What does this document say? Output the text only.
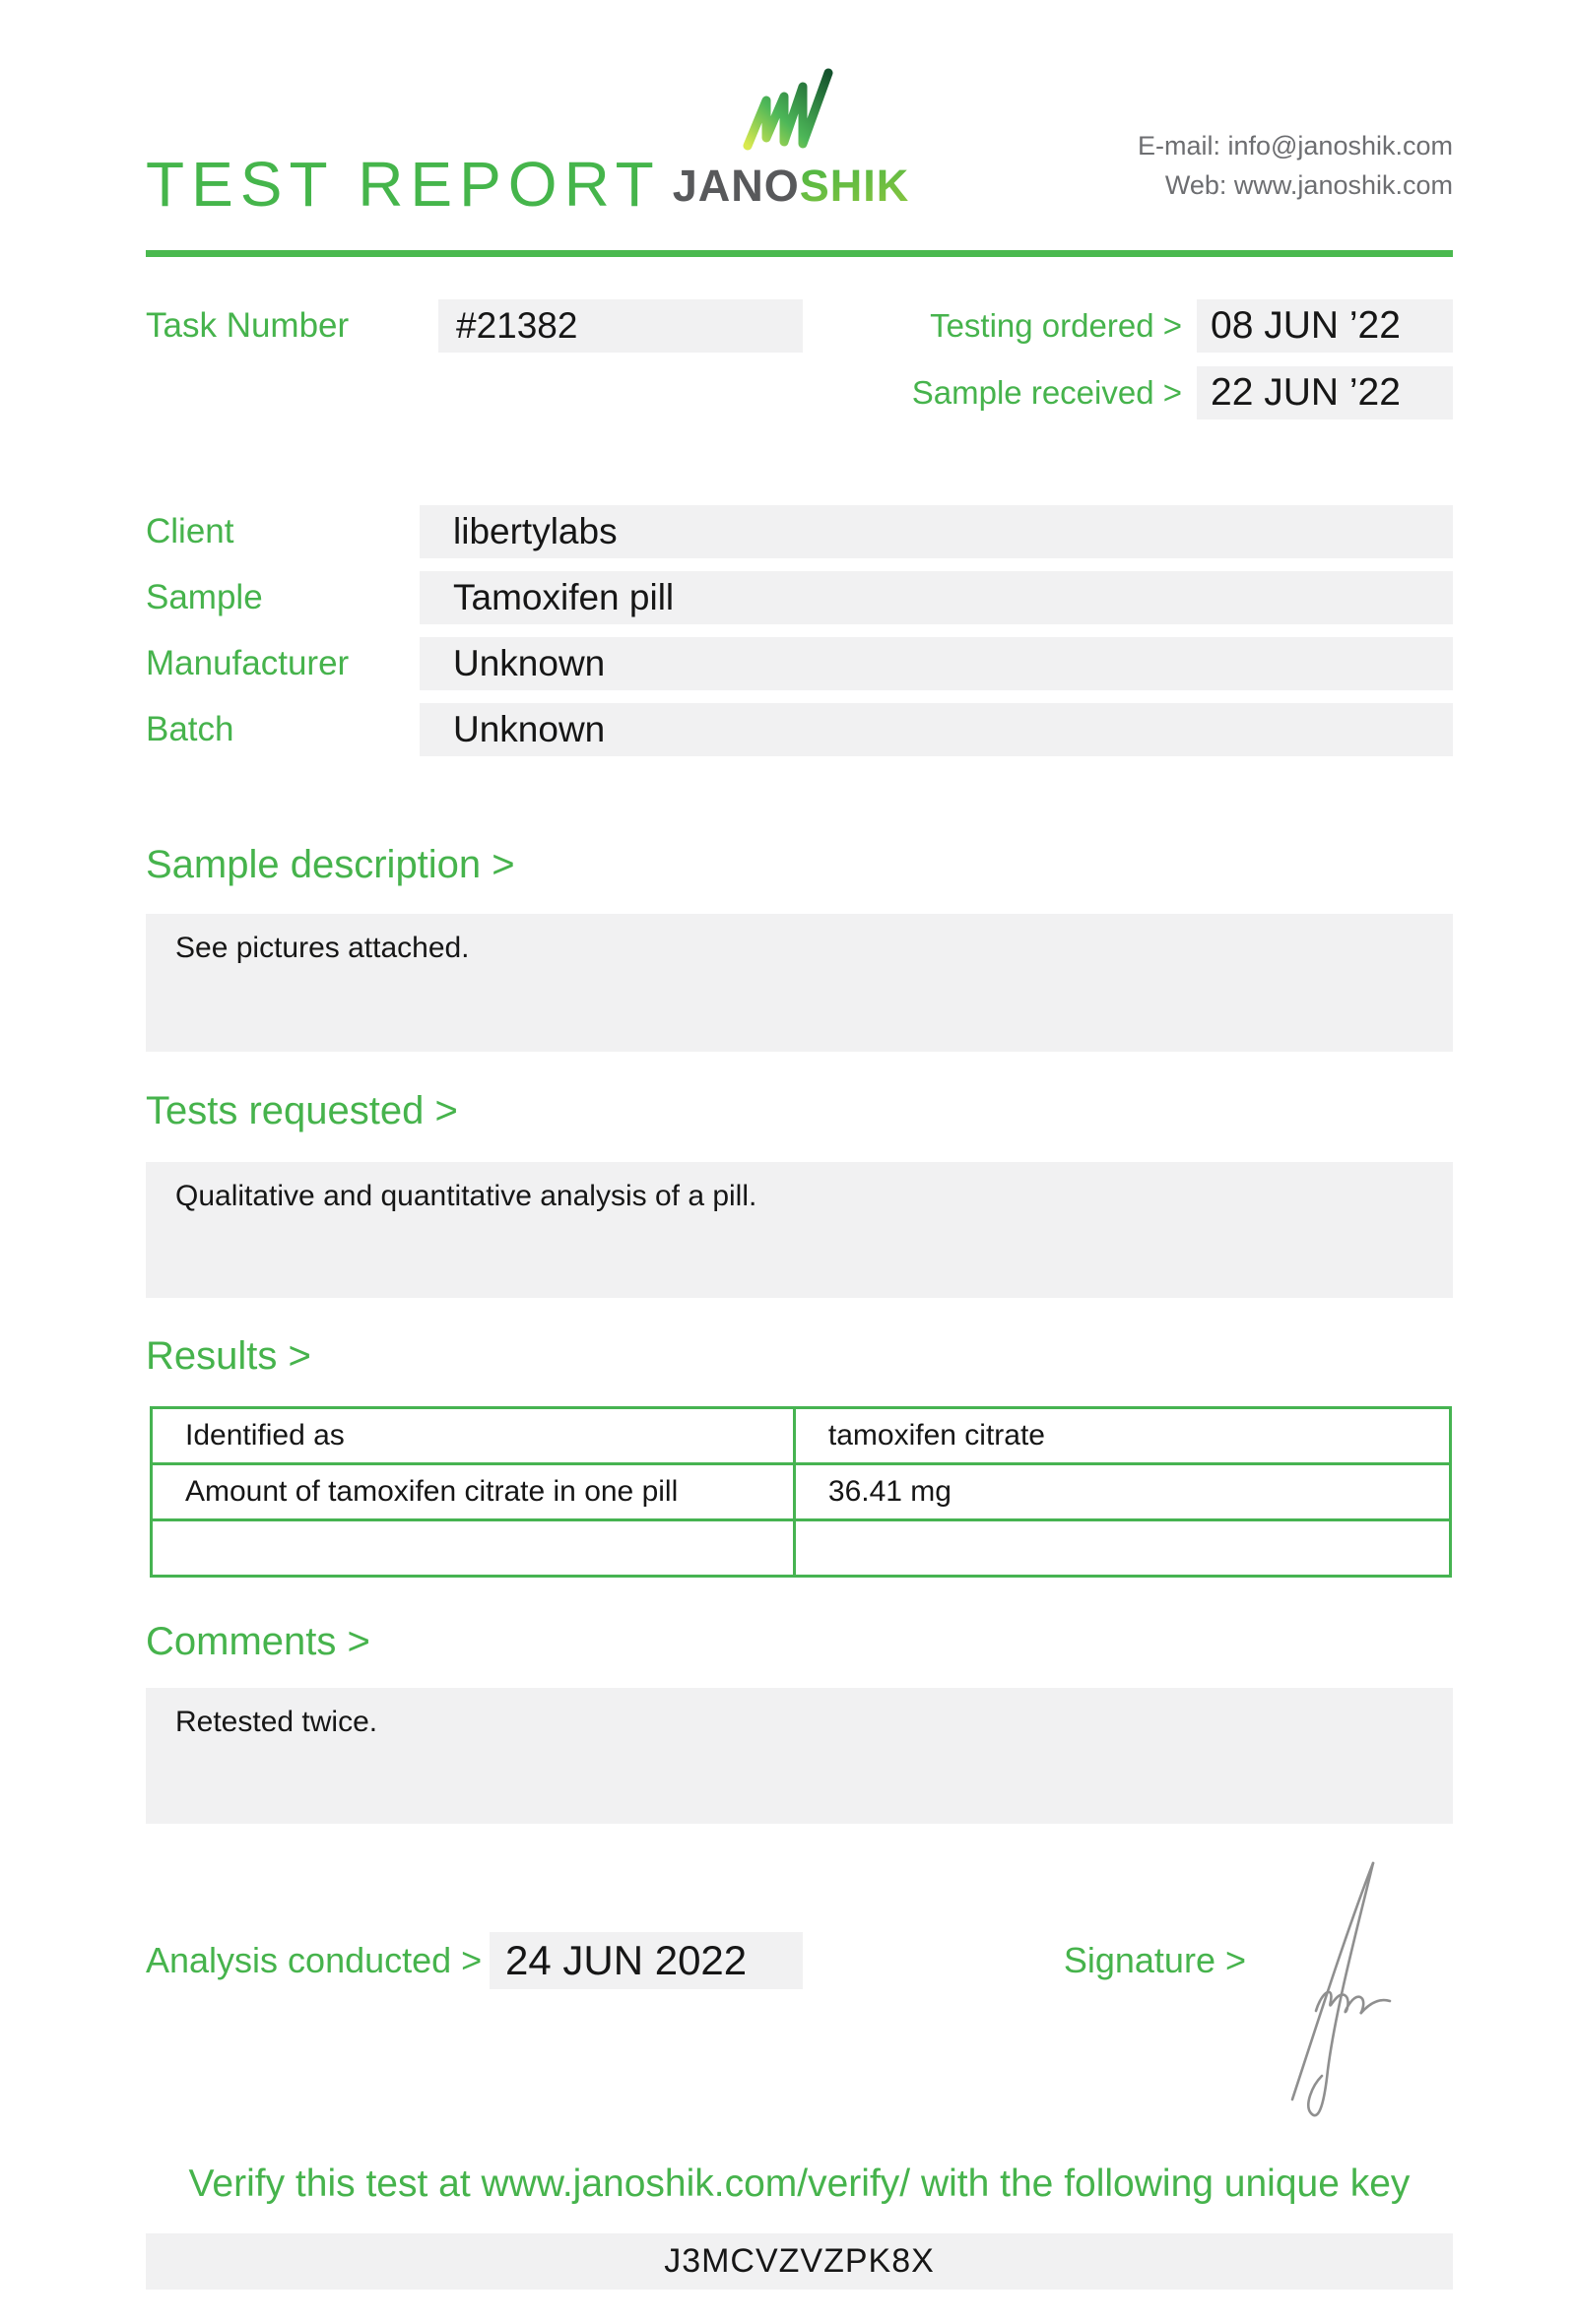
TEST REPORT JANOSHIK
E-mail: info@janoshik.com
Web: www.janoshik.com
Task Number	#21382	Testing ordered > 08 JUN ’22
Sample received > 22 JUN ’22
Client	libertylabs
Sample	Tamoxifen pill
Manufacturer	Unknown
Batch	Unknown
Sample description >
See pictures attached.
Tests requested >
Qualitative and quantitative analysis of a pill.
Results >
Identified as	tamoxifen citrate
Amount of tamoxifen citrate in one pill	36.41 mg

Comments >
Retested twice.
Analysis conducted > 24 JUN 2022	Signature >
Verify this test at www.janoshik.com/verify/ with the following unique key
J3MCVZVZPK8X
